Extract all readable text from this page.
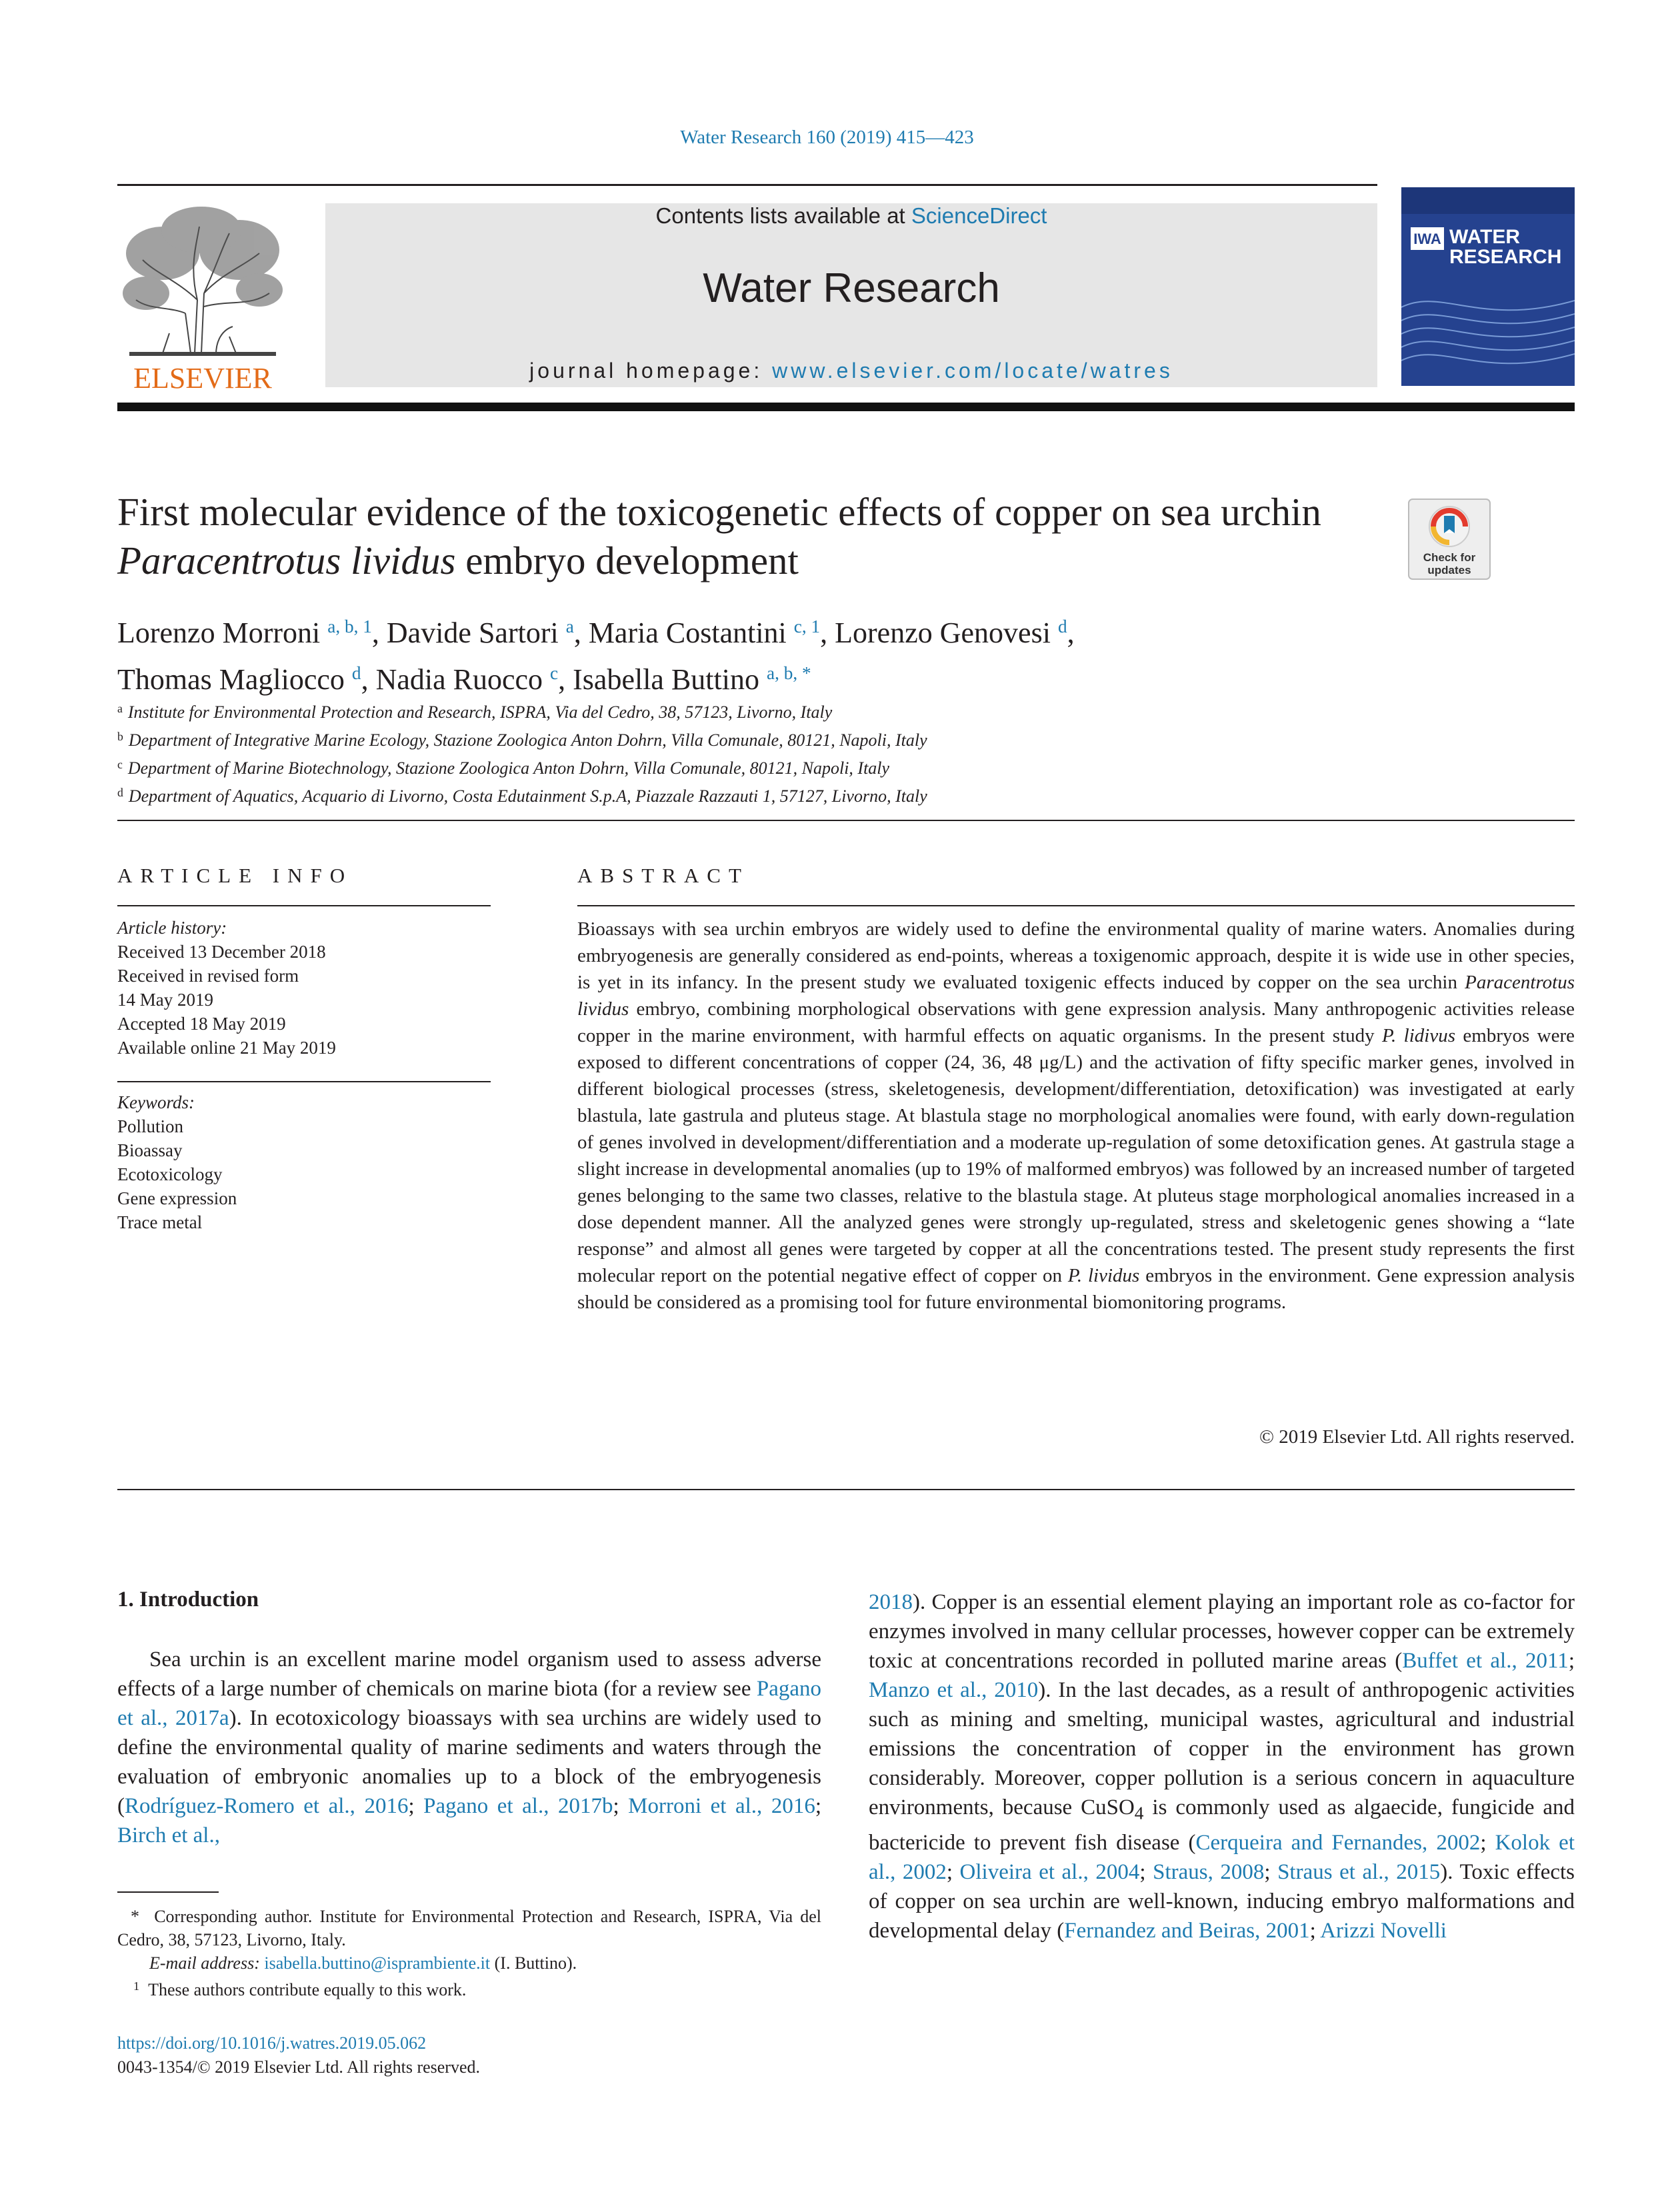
Water Research 160 (2019) 415—423
ELSEVIER
Contents lists available at ScienceDirect
Water Research
journal homepage: www.elsevier.com/locate/watres
IWA WATER
RESEARCH
First molecular evidence of the toxicogenetic effects of copper on sea urchin Paracentrotus lividus embryo development	Check for
updates
Lorenzo Morroni $^{a, b, 1}$, Davide Sartori $^a$, Maria Costantini $^{c, 1}$, Lorenzo Genovesi $^d$,
Thomas Magliocco $^d$, Nadia Ruocco $^c$, Isabella Buttino $^{a, b, *}$
$^a$ Institute for Environmental Protection and Research, ISPRA, Via del Cedro, 38, 57123, Livorno, Italy
$^b$ Department of Integrative Marine Ecology, Stazione Zoologica Anton Dohrn, Villa Comunale, 80121, Napoli, Italy
$^c$ Department of Marine Biotechnology, Stazione Zoologica Anton Dohrn, Villa Comunale, 80121, Napoli, Italy
$^d$ Department of Aquatics, Acquario di Livorno, Costa Edutainment S.p.A, Piazzale Razzauti 1, 57127, Livorno, Italy
ARTICLE INFO	ABSTRACT
Article history:
Received 13 December 2018
Received in revised form
14 May 2019
Accepted 18 May 2019
Available online 21 May 2019
Keywords:
Pollution
Bioassay
Ecotoxicology
Gene expression
Trace metal
Bioassays with sea urchin embryos are widely used to define the environmental quality of marine waters. Anomalies during embryogenesis are generally considered as end-points, whereas a toxigenomic approach, despite it is wide use in other species, is yet in its infancy. In the present study we evaluated toxigenic effects induced by copper on the sea urchin Paracentrotus lividus embryo, combining morphological observations with gene expression analysis. Many anthropogenic activities release copper in the marine environment, with harmful effects on aquatic organisms. In the present study P. lidivus embryos were exposed to different concentrations of copper (24, 36, 48 μg/L) and the activation of fifty specific marker genes, involved in different biological processes (stress, skeletogenesis, development/differentiation, detoxification) was investigated at early blastula, late gastrula and pluteus stage. At blastula stage no morphological anomalies were found, with early down-regulation of genes involved in development/differentiation and a moderate up-regulation of some detoxification genes. At gastrula stage a slight increase in developmental anomalies (up to 19% of malformed embryos) was followed by an increased number of targeted genes belonging to the same two classes, relative to the blastula stage. At pluteus stage morphological anomalies increased in a dose dependent manner. All the analyzed genes were strongly up-regulated, stress and skeletogenic genes showing a “late response” and almost all genes were targeted by copper at all the concentrations tested. The present study represents the first molecular report on the potential negative effect of copper on P. lividus embryos in the environment. Gene expression analysis should be considered as a promising tool for future environmental biomonitoring programs.
© 2019 Elsevier Ltd. All rights reserved.
1. Introduction
Sea urchin is an excellent marine model organism used to assess adverse effects of a large number of chemicals on marine biota (for a review see Pagano et al., 2017a). In ecotoxicology bioassays with sea urchins are widely used to define the environmental quality of marine sediments and waters through the evaluation of embryonic anomalies up to a block of the embryogenesis (Rodríguez-Romero et al., 2016; Pagano et al., 2017b; Morroni et al., 2016; Birch et al.,
2018). Copper is an essential element playing an important role as co-factor for enzymes involved in many cellular processes, however copper can be extremely toxic at concentrations recorded in polluted marine areas (Buffet et al., 2011; Manzo et al., 2010). In the last decades, as a result of anthropogenic activities such as mining and smelting, municipal wastes, agricultural and industrial emissions the concentration of copper in the environment has grown considerably. Moreover, copper pollution is a serious concern in aquaculture environments, because CuSO$_4$ is commonly used as algaecide, fungicide and bactericide to prevent fish disease (Cerqueira and Fernandes, 2002; Kolok et al., 2002; Oliveira et al., 2004; Straus, 2008; Straus et al., 2015). Toxic effects of copper on sea urchin are well-known, inducing embryo malformations and developmental delay (Fernandez and Beiras, 2001; Arizzi Novelli
* Corresponding author. Institute for Environmental Protection and Research, ISPRA, Via del Cedro, 38, 57123, Livorno, Italy.
E-mail address: isabella.buttino@isprambiente.it (I. Buttino).
$^1$ These authors contribute equally to this work.
https://doi.org/10.1016/j.watres.2019.05.062
0043-1354/© 2019 Elsevier Ltd. All rights reserved.
